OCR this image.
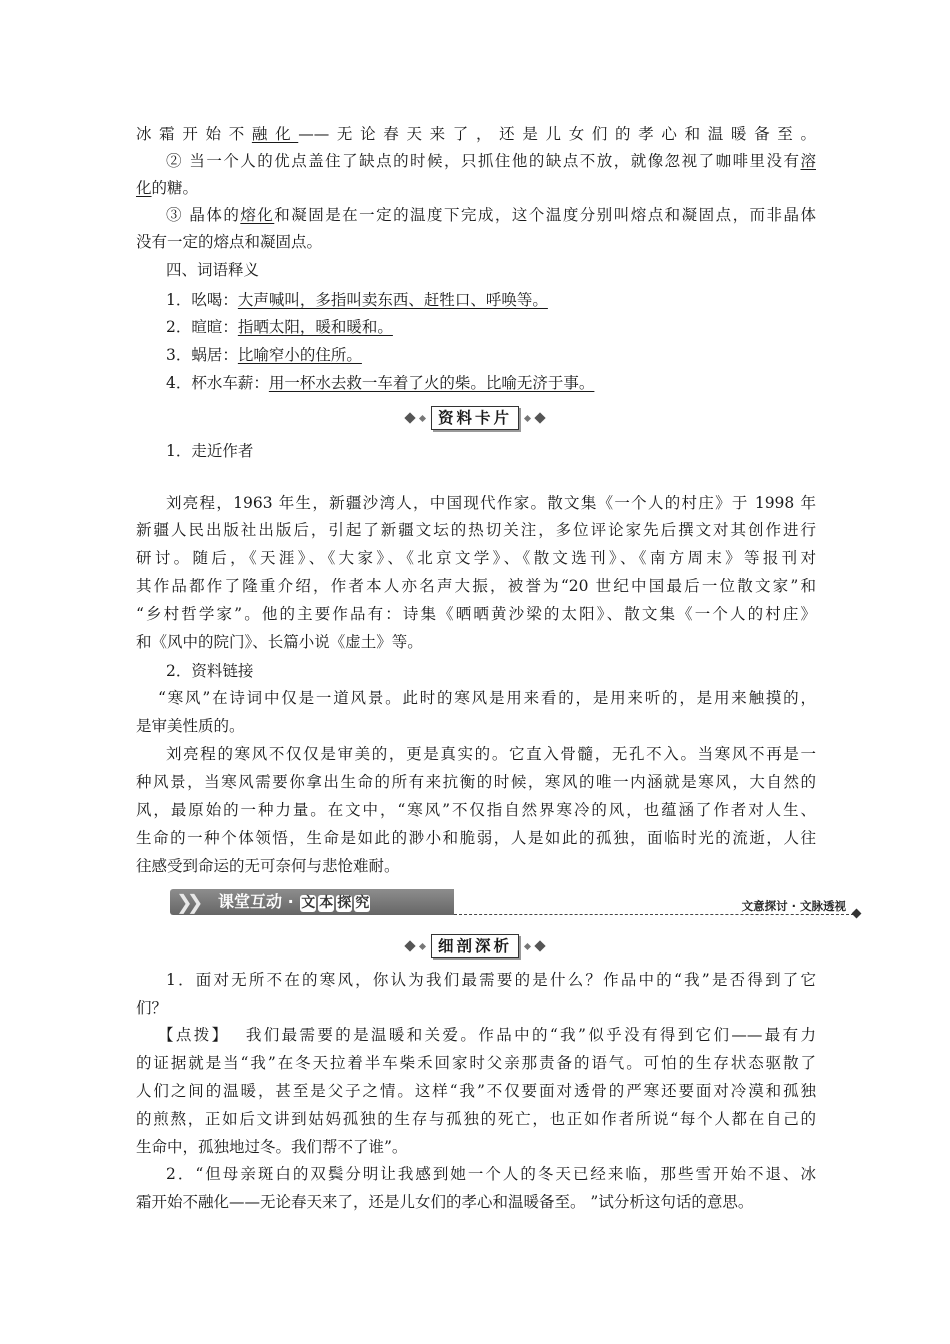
冰霜开始不融化——无论春天来了，还是儿女们的孝心和温暖备至。
② 当一个人的优点盖住了缺点的时候，只抓住他的缺点不放，就像忽视了咖啡里没有溶
化的糖。
③ 晶体的熔化和凝固是在一定的温度下完成，这个温度分别叫熔点和凝固点，而非晶体
没有一定的熔点和凝固点。
四、词语释义
1．吆喝：大声喊叫，多指叫卖东西、赶牲口、呼唤等。
2．暄暄：指晒太阳，暖和暖和。
3．蜗居：比喻窄小的住所。
4．杯水车薪：用一杯水去救一车着了火的柴。比喻无济于事。
资料卡片
1．走近作者
刘亮程，1963 年生，新疆沙湾人，中国现代作家。散文集《一个人的村庄》于 1998 年
新疆人民出版社出版后，引起了新疆文坛的热切关注，多位评论家先后撰文对其创作进行
研讨。随后，《天涯》、《大家》、《北京文学》、《散文选刊》、《南方周末》等报刊对
其作品都作了隆重介绍，作者本人亦名声大振，被誉为“20 世纪中国最后一位散文家”和
“乡村哲学家”。他的主要作品有：诗集《晒晒黄沙梁的太阳》、散文集《一个人的村庄》
和《风中的院门》、长篇小说《虚土》等。
2．资料链接
“寒风”在诗词中仅是一道风景。此时的寒风是用来看的，是用来听的，是用来触摸的，
是审美性质的。
刘亮程的寒风不仅仅是审美的，更是真实的。它直入骨髓，无孔不入。当寒风不再是一
种风景，当寒风需要你拿出生命的所有来抗衡的时候，寒风的唯一内涵就是寒风，大自然的
风，最原始的一种力量。在文中，“寒风”不仅指自然界寒冷的风，也蕴涵了作者对人生、
生命的一种个体领悟，生命是如此的渺小和脆弱，人是如此的孤独，面临时光的流逝，人往
往感受到命运的无可奈何与悲怆难耐。
❯❯	课堂互动 · 文 本 探 究	文意探讨 · 文脉透视
细剖深析
1．面对无所不在的寒风，你认为我们最需要的是什么？作品中的“我”是否得到了它
们？
【点拨】 我们最需要的是温暖和关爱。作品中的“我”似乎没有得到它们——最有力
的证据就是当“我”在冬天拉着半车柴禾回家时父亲那责备的语气。可怕的生存状态驱散了
人们之间的温暖，甚至是父子之情。这样“我”不仅要面对透骨的严寒还要面对冷漠和孤独
的煎熬，正如后文讲到姑妈孤独的生存与孤独的死亡，也正如作者所说“每个人都在自己的
生命中，孤独地过冬。我们帮不了谁”。
2．“但母亲斑白的双鬓分明让我感到她一个人的冬天已经来临，那些雪开始不退、冰
霜开始不融化——无论春天来了，还是儿女们的孝心和温暖备至。 ”试分析这句话的意思。
